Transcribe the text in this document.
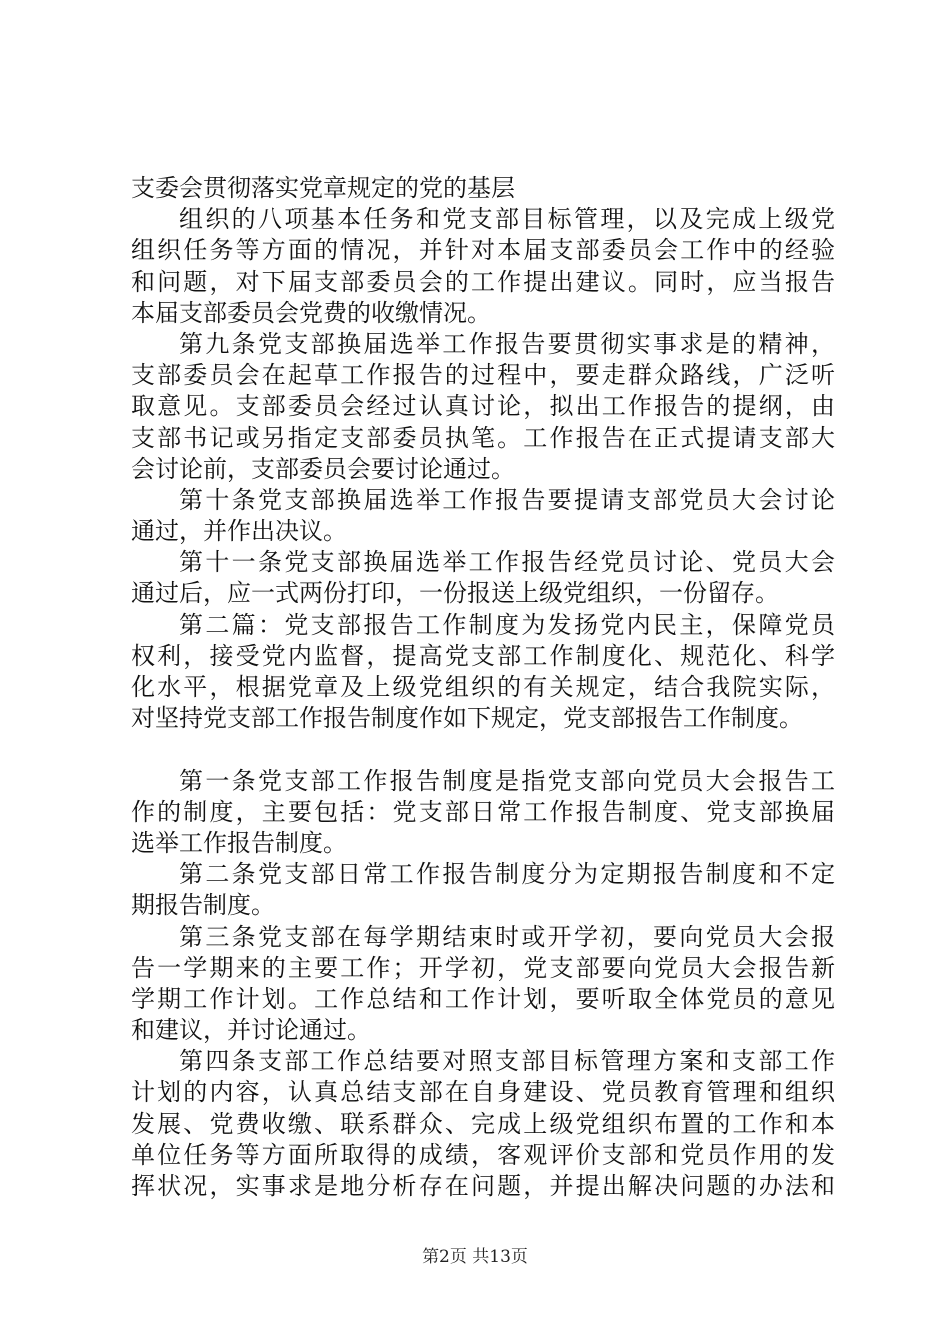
支委会贯彻落实党章规定的党的基层
组织的八项基本任务和党支部目标管理，以及完成上级党
组织任务等方面的情况，并针对本届支部委员会工作中的经验
和问题，对下届支部委员会的工作提出建议。同时，应当报告
本届支部委员会党费的收缴情况。
第九条党支部换届选举工作报告要贯彻实事求是的精神，
支部委员会在起草工作报告的过程中，要走群众路线，广泛听
取意见。支部委员会经过认真讨论，拟出工作报告的提纲，由
支部书记或另指定支部委员执笔。工作报告在正式提请支部大
会讨论前，支部委员会要讨论通过。
第十条党支部换届选举工作报告要提请支部党员大会讨论
通过，并作出决议。
第十一条党支部换届选举工作报告经党员讨论、党员大会
通过后，应一式两份打印，一份报送上级党组织，一份留存。
第二篇：党支部报告工作制度为发扬党内民主，保障党员
权利，接受党内监督，提高党支部工作制度化、规范化、科学
化水平，根据党章及上级党组织的有关规定，结合我院实际，
对坚持党支部工作报告制度作如下规定，党支部报告工作制度。
第一条党支部工作报告制度是指党支部向党员大会报告工
作的制度，主要包括：党支部日常工作报告制度、党支部换届
选举工作报告制度。
第二条党支部日常工作报告制度分为定期报告制度和不定
期报告制度。
第三条党支部在每学期结束时或开学初，要向党员大会报
告一学期来的主要工作；开学初，党支部要向党员大会报告新
学期工作计划。工作总结和工作计划，要听取全体党员的意见
和建议，并讨论通过。
第四条支部工作总结要对照支部目标管理方案和支部工作
计划的内容，认真总结支部在自身建设、党员教育管理和组织
发展、党费收缴、联系群众、完成上级党组织布置的工作和本
单位任务等方面所取得的成绩，客观评价支部和党员作用的发
挥状况，实事求是地分析存在问题，并提出解决问题的办法和
第2页 共13页
